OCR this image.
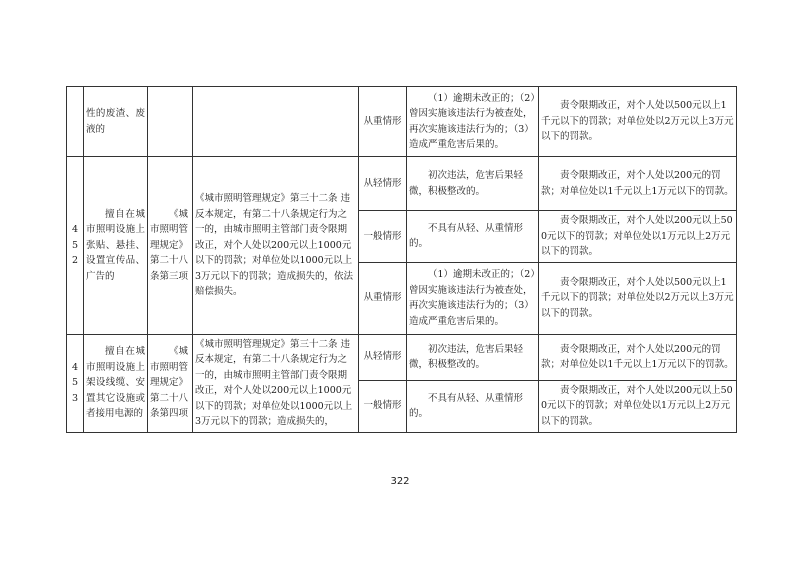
	性的废渣、废液的			从重情形	（1）逾期未改正的；（2）曾因实施该违法行为被查处，再次实施该违法行为的；（3）造成严重危害后果的。	责令限期改正，对个人处以500元以上1千元以下的罚款；对单位处以2万元以上3万元以下的罚款。
452	擅自在城市照明设施上张贴、悬挂、设置宣传品、广告的	《城市照明管理规定》第二十八条第三项	《城市照明管理规定》第三十二条 违反本规定，有第二十八条规定行为之一的，由城市照明主管部门责令限期改正，对个人处以200元以上1000元以下的罚款；对单位处以1000元以上3万元以下的罚款；造成损失的，依法赔偿损失。	从轻情形	初次违法，危害后果轻微，积极整改的。	责令限期改正，对个人处以200元的罚款；对单位处以1千元以上1万元以下的罚款。
				一般情形	不具有从轻、从重情形的。	责令限期改正，对个人处以200元以上500元以下的罚款；对单位处以1万元以上2万元以下的罚款。
				从重情形	（1）逾期未改正的；（2）曾因实施该违法行为被查处，再次实施该违法行为的；（3）造成严重危害后果的。	责令限期改正，对个人处以500元以上1千元以下的罚款；对单位处以2万元以上3万元以下的罚款。
453	擅自在城市照明设施上架设线缆、安置其它设施或者接用电源的	《城市照明管理规定》第二十八条第四项	《城市照明管理规定》第三十二条 违反本规定，有第二十八条规定行为之一的，由城市照明主管部门责令限期改正，对个人处以200元以上1000元以下的罚款；对单位处以1000元以上3万元以下的罚款；造成损失的，	从轻情形	初次违法，危害后果轻微，积极整改的。	责令限期改正，对个人处以200元的罚款；对单位处以1千元以上1万元以下的罚款。
				一般情形	不具有从轻、从重情形的。	责令限期改正，对个人处以200元以上500元以下的罚款；对单位处以1万元以上2万元以下的罚款。
322
